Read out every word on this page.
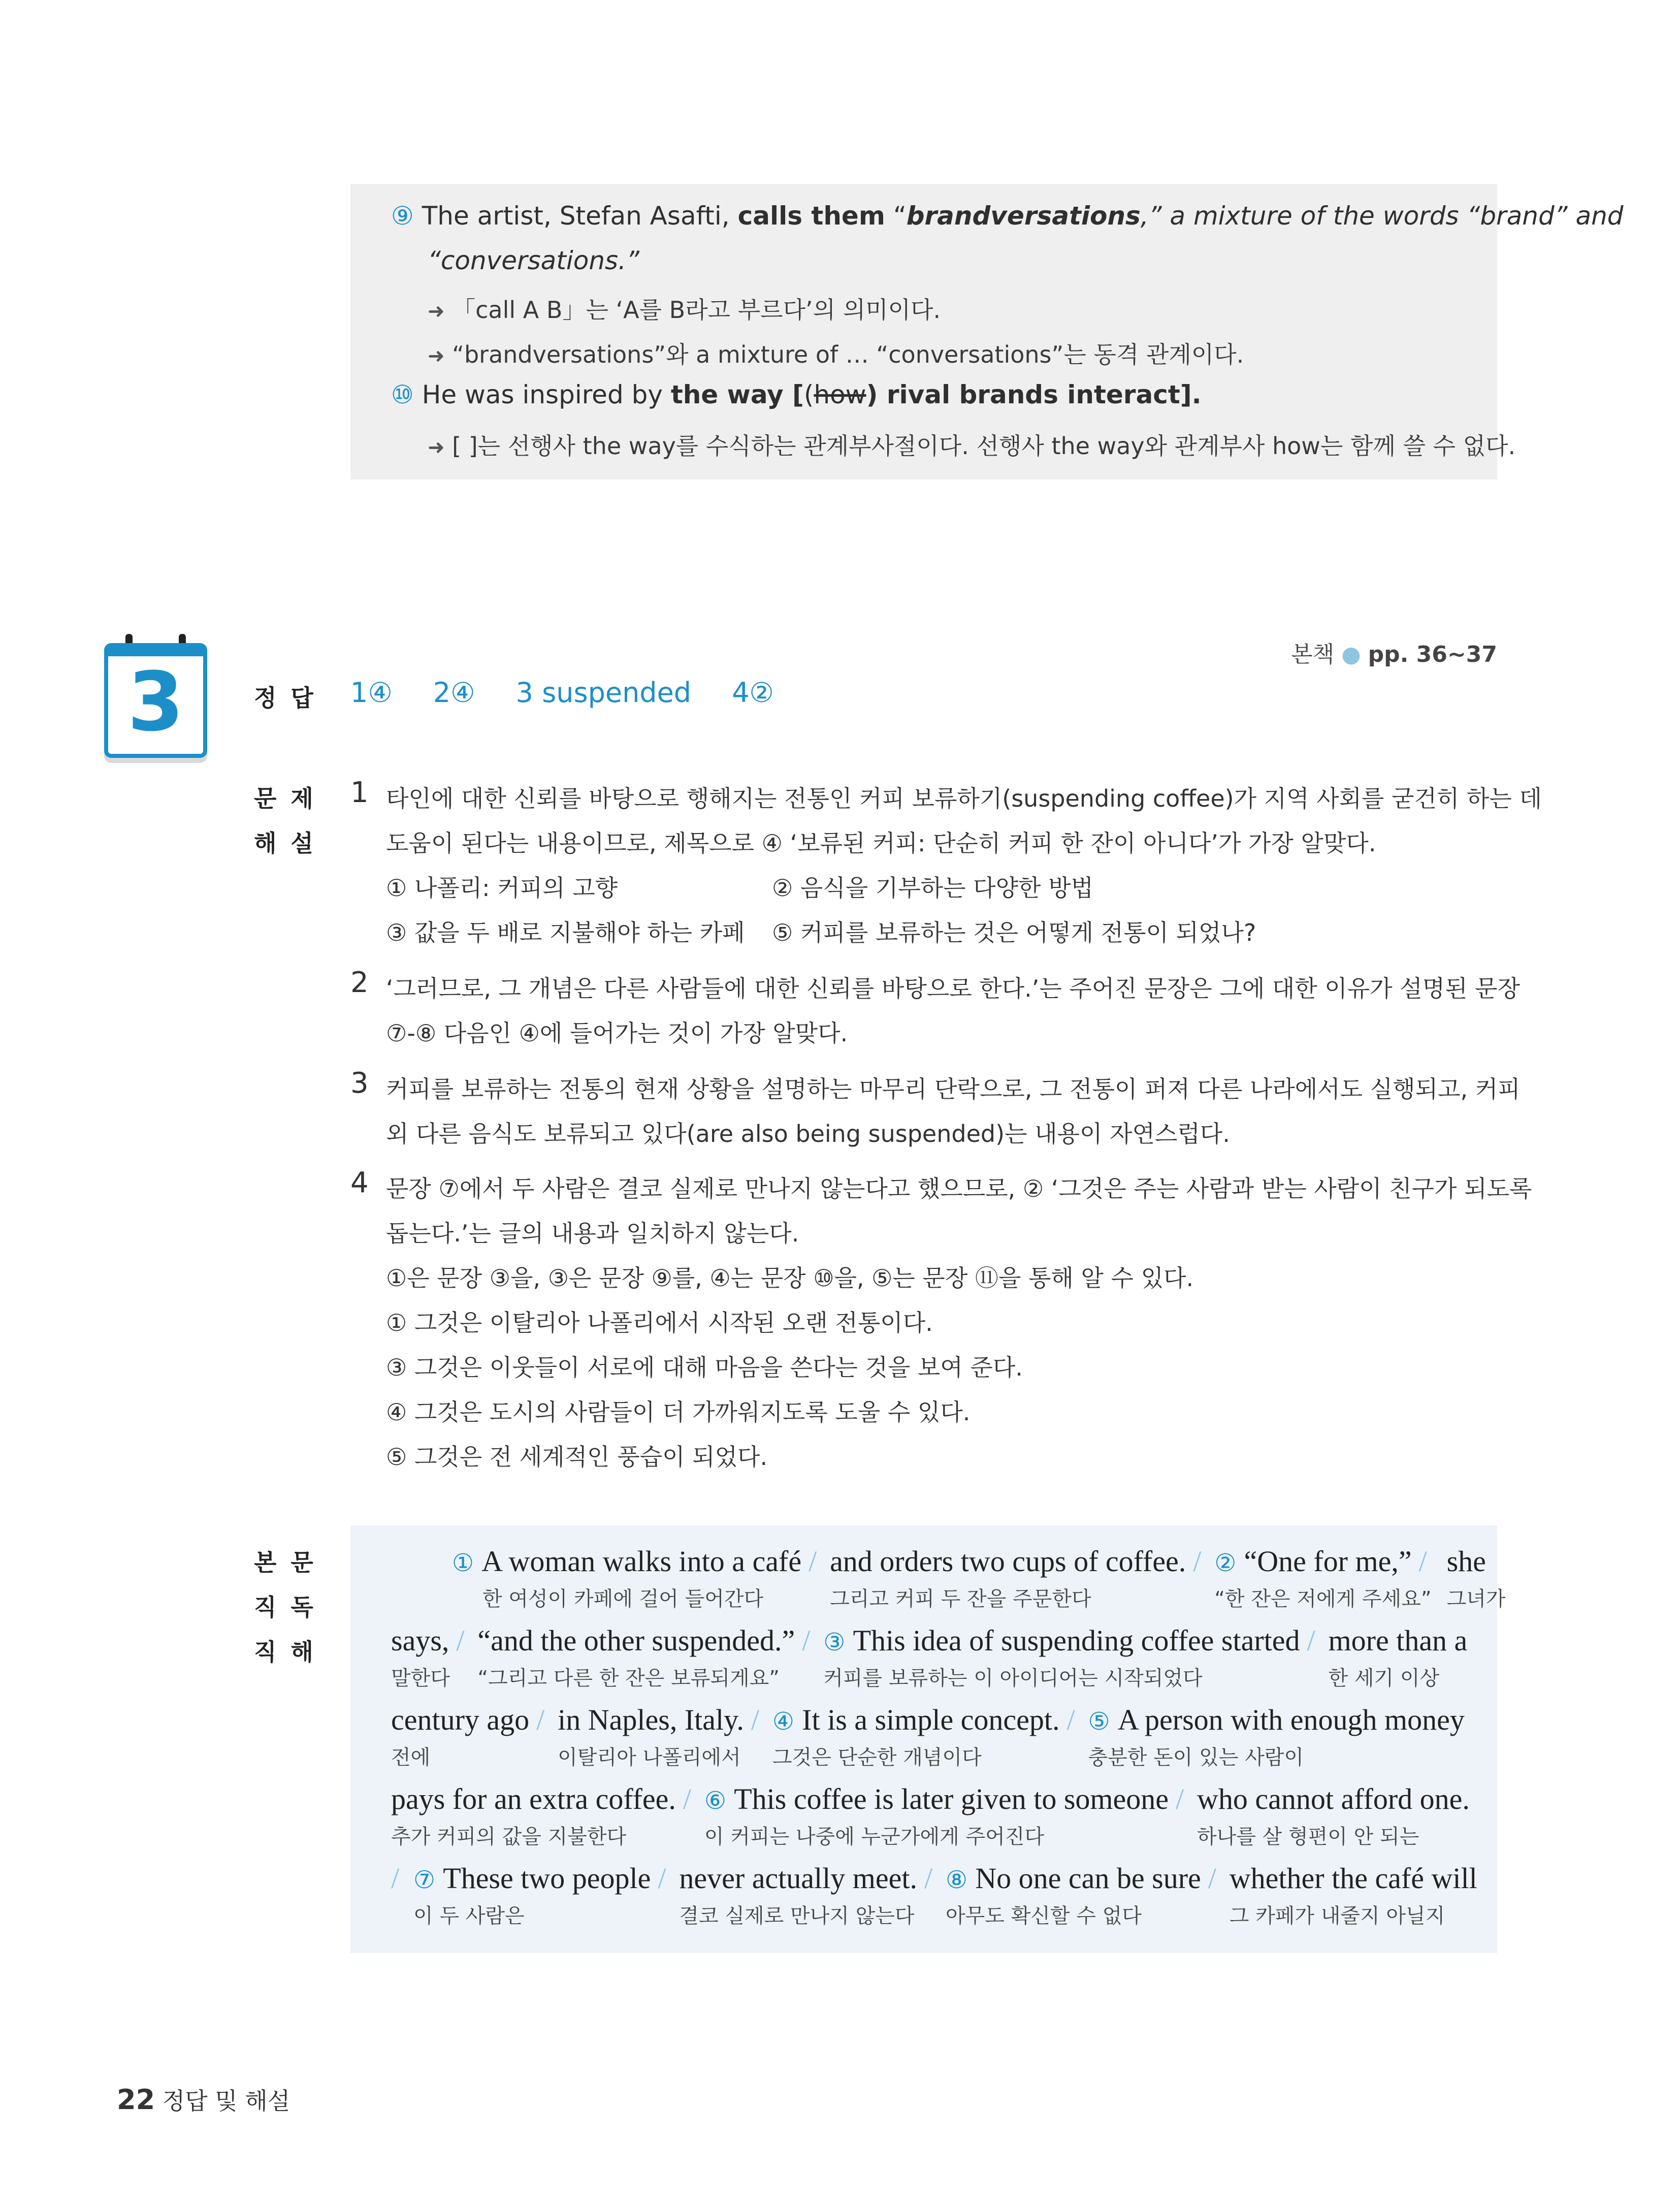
⑨ The artist, Stefan Asafti, calls them “brandversations,” a mixture of the words “brand” and
“conversations.”
➜ 「call A B」는 ‘A를 B라고 부르다’의 의미이다.
➜ “brandversations”와 a mixture of … “conversations”는 동격 관계이다.
⑩ He was inspired by the way [(how) rival brands interact].
➜ [ ]는 선행사 the way를 수식하는 관계부사절이다. 선행사 the way와 관계부사 how는 함께 쓸 수 없다.
3	본책 ● pp. 36~37
정답 1④ 2④ 3 suspended 4②
문제
해설
1 타인에 대한 신뢰를 바탕으로 행해지는 전통인 커피 보류하기(suspending coffee)가 지역 사회를 굳건히 하는 데
도움이 된다는 내용이므로, 제목으로 ④ ‘보류된 커피: 단순히 커피 한 잔이 아니다’가 가장 알맞다.
① 나폴리: 커피의 고향	② 음식을 기부하는 다양한 방법
③ 값을 두 배로 지불해야 하는 카페 ⑤ 커피를 보류하는 것은 어떻게 전통이 되었나?
2 ‘그러므로, 그 개념은 다른 사람들에 대한 신뢰를 바탕으로 한다.’는 주어진 문장은 그에 대한 이유가 설명된 문장
⑦-⑧ 다음인 ④에 들어가는 것이 가장 알맞다.
3 커피를 보류하는 전통의 현재 상황을 설명하는 마무리 단락으로, 그 전통이 퍼져 다른 나라에서도 실행되고, 커피
외 다른 음식도 보류되고 있다(are also being suspended)는 내용이 자연스럽다.
4 문장 ⑦에서 두 사람은 결코 실제로 만나지 않는다고 했으므로, ② ‘그것은 주는 사람과 받는 사람이 친구가 되도록
돕는다.’는 글의 내용과 일치하지 않는다.
①은 문장 ③을, ③은 문장 ⑨를, ④는 문장 ⑩을, ⑤는 문장 ⑪을 통해 알 수 있다.
① 그것은 이탈리아 나폴리에서 시작된 오랜 전통이다.
③ 그것은 이웃들이 서로에 대해 마음을 쓴다는 것을 보여 준다.
④ 그것은 도시의 사람들이 더 가까워지도록 도울 수 있다.
⑤ 그것은 전 세계적인 풍습이 되었다.
본문
직독
직해
① A woman walks into a café
한 여성이 카페에 걸어 들어간다
/ and orders two cups of coffee.
그리고 커피 두 잔을 주문한다
/ ② “One for me,”
“한 잔은 저에게 주세요”
/ she
그녀가
says,
말한다
/ “and the other suspended.”
“그리고 다른 한 잔은 보류되게요”
/ ③ This idea of suspending coffee started
커피를 보류하는 이 아이디어는 시작되었다
/ more than a
한 세기 이상
century ago
전에
/ in Naples, Italy.
이탈리아 나폴리에서
/ ④ It is a simple concept.
그것은 단순한 개념이다
/ ⑤ A person with enough money
충분한 돈이 있는 사람이
pays for an extra coffee.
추가 커피의 값을 지불한다
/ ⑥ This coffee is later given to someone
이 커피는 나중에 누군가에게 주어진다
/ who cannot afford one.
하나를 살 형편이 안 되는
/ ⑦ These two people
이 두 사람은
/ never actually meet.
결코 실제로 만나지 않는다
/ ⑧ No one can be sure
아무도 확신할 수 없다
/ whether the café will
그 카페가 내줄지 아닐지
22 정답 및 해설
